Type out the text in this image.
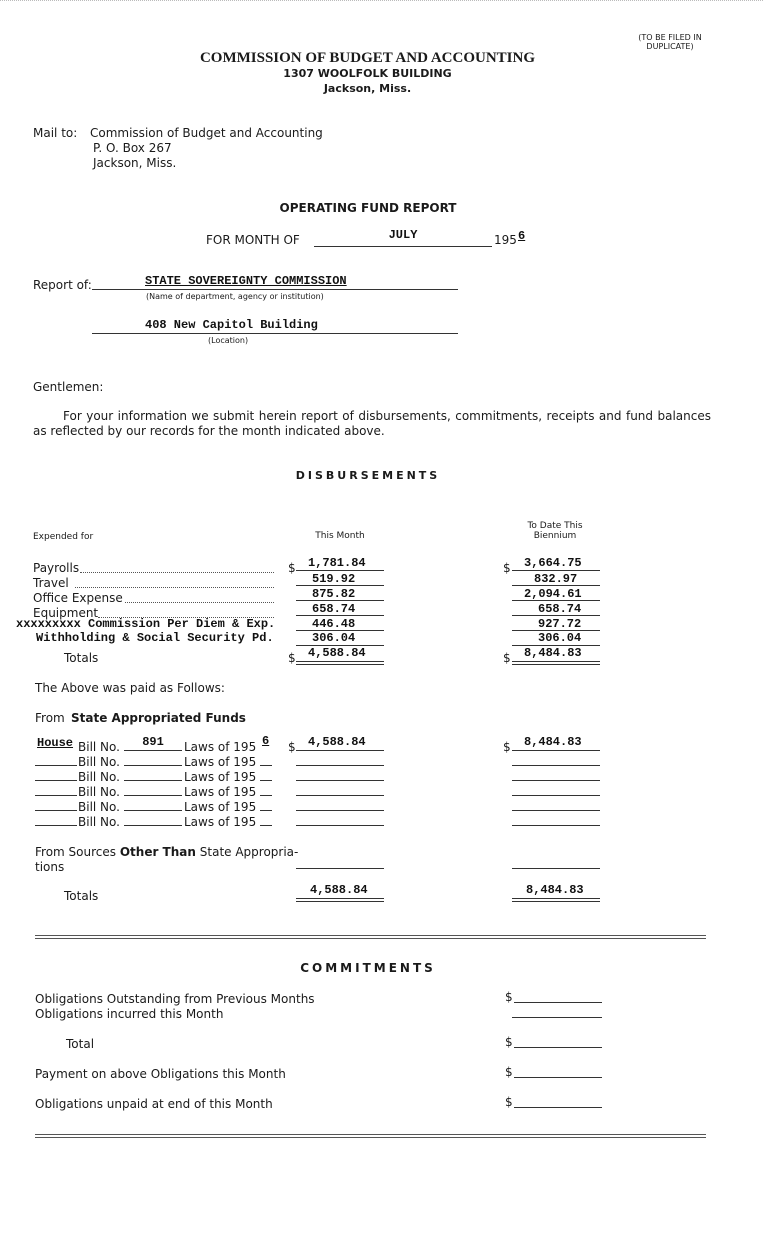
(TO BE FILED IN DUPLICATE)
COMMISSION OF BUDGET AND ACCOUNTING
1307 WOOLFOLK BUILDING
Jackson, Miss.
Mail to: Commission of Budget and Accounting
P. O. Box 267
Jackson, Miss.
OPERATING FUND REPORT
FOR MONTH OF	JULY	195 6
Report of:	STATE SOVEREIGNTY COMMISSION
(Name of department, agency or institution)
408 New Capitol Building
(Location)
Gentlemen:
For your information we submit herein report of disbursements, commitments, receipts and fund balances as reflected by our records for the month indicated above.
DISBURSEMENTS
Expended for	This Month
To Date This Biennium
Payrolls	$ 1,781.84	$ 3,664.75
Travel	519.92	832.97
Office Expense	875.82	2,094.61
Equipment	658.74	658.74
xxxxxxxxx Commission Per Diem & Exp.	446.48	927.72
Withholding & Social Security Pd.	306.04	306.04
Totals	$ 4,588.84	$ 8,484.83
The Above was paid as Follows:
From State Appropriated Funds
House Bill No.	891	Laws of 195 6 $ 4,588.84	$ 8,484.83
Bill No.	Laws of 195
Bill No.	Laws of 195
Bill No.	Laws of 195
Bill No.	Laws of 195
Bill No.	Laws of 195
From Sources Other Than State Appropria-
tions
Totals	4,588.84	8,484.83
COMMITMENTS
Obligations Outstanding from Previous Months	$
Obligations incurred this Month
Total	$
Payment on above Obligations this Month	$
Obligations unpaid at end of this Month	$
